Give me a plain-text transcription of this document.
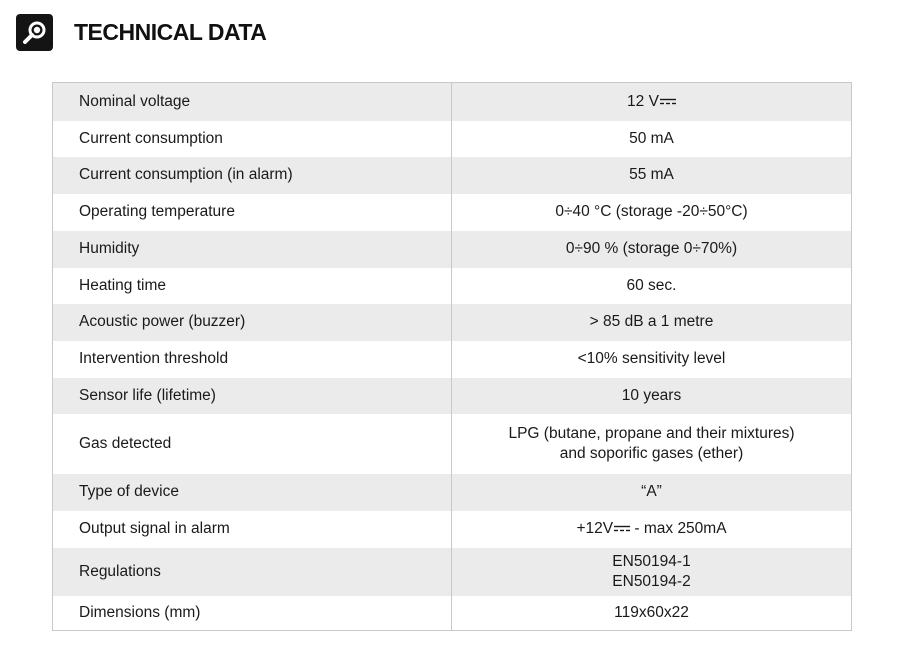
TECHNICAL DATA
Nominal voltage	12 V
Current consumption	50 mA
Current consumption (in alarm)	55 mA
Operating temperature	0÷40 °C (storage -20÷50°C)
Humidity	0÷90 % (storage 0÷70%)
Heating time	60 sec.
Acoustic power (buzzer)	> 85 dB a 1 metre
Intervention threshold	<10% sensitivity level
Sensor life (lifetime)	10 years
Gas detected	LPG (butane, propane and their mixtures)
and soporific gases (ether)

Type of device	“A”
Output signal in alarm	+12V - max 250mA
Regulations	EN50194-1
EN50194-2

Dimensions (mm)	119x60x22
